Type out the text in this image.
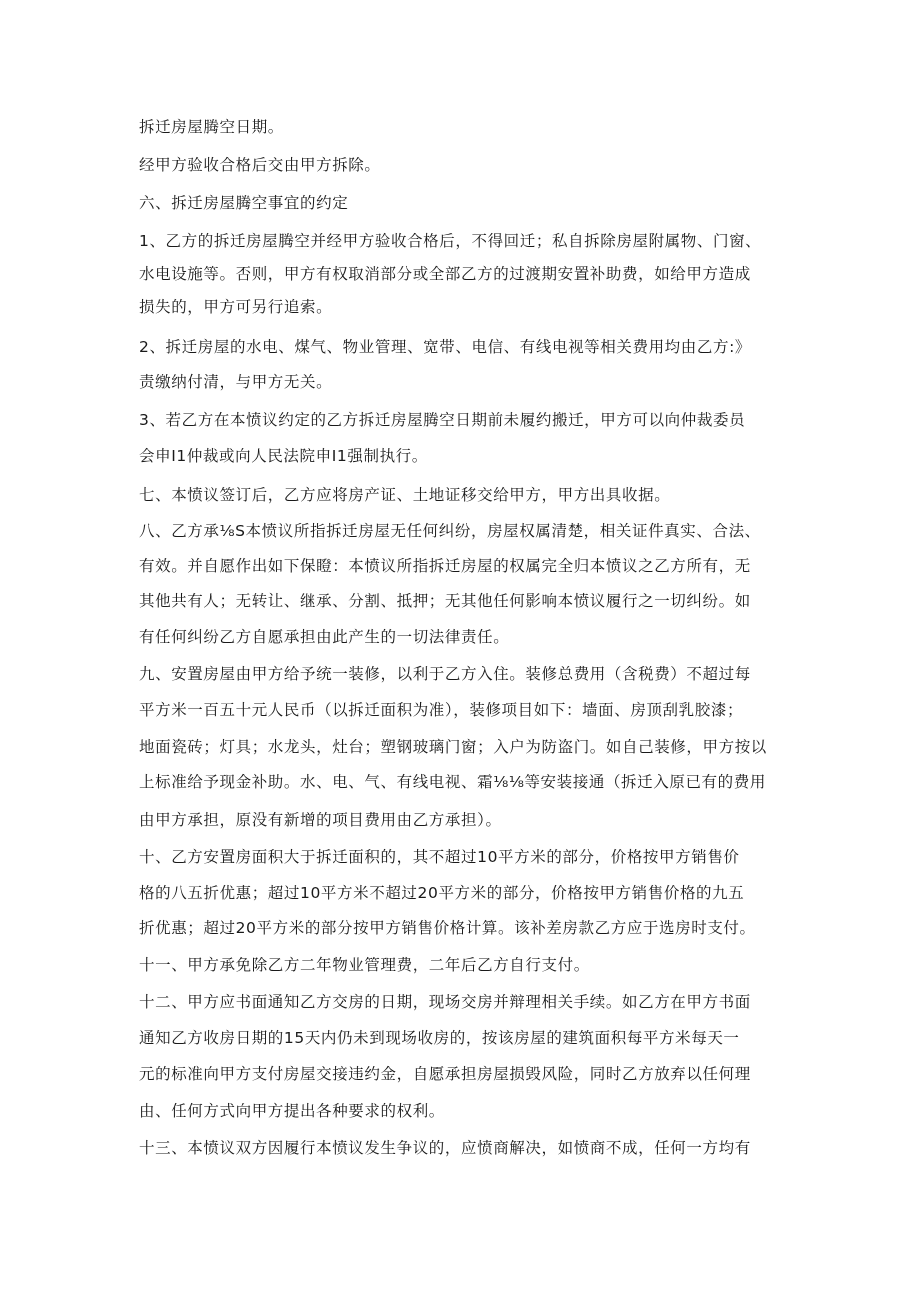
拆迁房屋腾空日期。

经甲方验收合格后交由甲方拆除。

六、拆迁房屋腾空事宜的约定

1、乙方的拆迁房屋腾空并经甲方验收合格后，不得回迁；私自拆除房屋附属物、门窗、

水电设施等。否则，甲方有权取消部分或全部乙方的过渡期安置补助费，如给甲方造成

损失的，甲方可另行追索。

2、拆迁房屋的水电、煤气、物业管理、宽带、电信、有线电视等相关费用均由乙方:》

责缴纳付清，与甲方无关。

3、若乙方在本愤议约定的乙方拆迁房屋腾空日期前未履约搬迁，甲方可以向仲裁委员

会申I1仲裁或向人民法院申I1强制执行。

七、本愤议签订后，乙方应将房产证、土地证移交给甲方，甲方出具收据。

八、乙方承⅛S本愤议所指拆迁房屋无任何纠纷，房屋权属清楚，相关证件真实、合法、

有效。并自愿作出如下保瞪：本愤议所指拆迁房屋的权属完全归本愤议之乙方所有，无

其他共有人；无转让、继承、分割、抵押；无其他任何影响本愤议履行之一切纠纷。如

有任何纠纷乙方自愿承担由此产生的一切法律责任。

九、安置房屋由甲方给予统一装修，以利于乙方入住。装修总费用（含税费）不超过每

平方米一百五十元人民币（以拆迁面积为准），装修项目如下：墙面、房顶刮乳胶漆；

地面瓷砖；灯具；水龙头，灶台；塑钢玻璃门窗；入户为防盗门。如自己装修，甲方按以

上标准给予现金补助。水、电、气、有线电视、霜⅛⅛等安装接通（拆迁入原已有的费用

由甲方承担，原没有新增的项目费用由乙方承担）。

十、乙方安置房面积大于拆迁面积的，其不超过10平方米的部分，价格按甲方销售价

格的八五折优惠；超过10平方米不超过20平方米的部分，价格按甲方销售价格的九五

折优惠；超过20平方米的部分按甲方销售价格计算。该补差房款乙方应于选房时支付。

十一、甲方承免除乙方二年物业管理费，二年后乙方自行支付。

十二、甲方应书面通知乙方交房的日期，现场交房并辩理相关手续。如乙方在甲方书面

通知乙方收房日期的15天内仍未到现场收房的，按该房屋的建筑面积每平方米每天一

元的标准向甲方支付房屋交接违约金，自愿承担房屋损毁风险，同时乙方放弃以任何理

由、任何方式向甲方提出各种要求的权利。

十三、本愤议双方因履行本愤议发生争议的，应愤商解决，如愤商不成，任何一方均有
